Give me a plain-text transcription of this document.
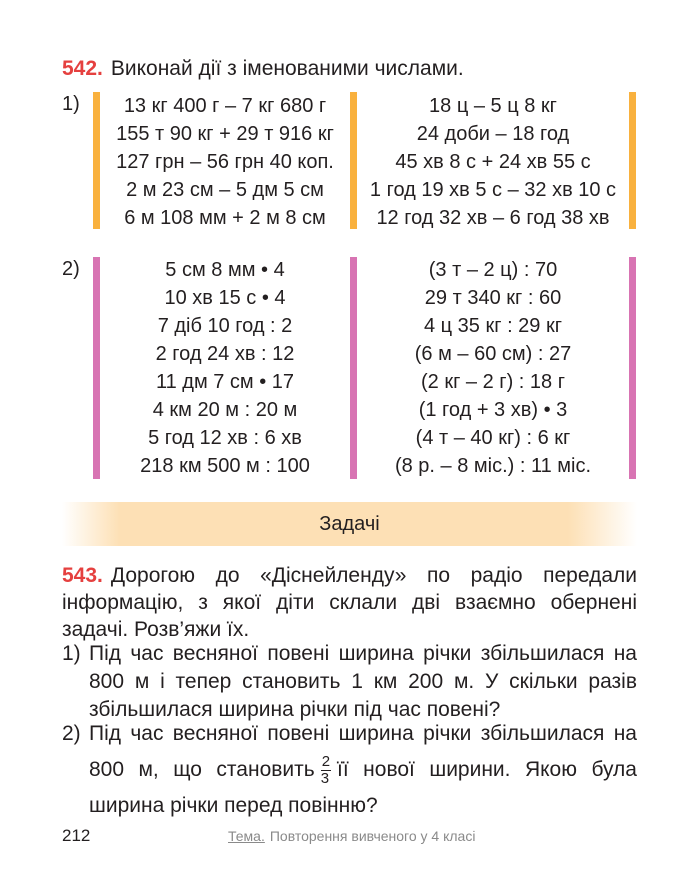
542. Виконай дії з іменованими числами.
1)	13 кг 400 г – 7 кг 680 г
155 т 90 кг + 29 т 916 кг
127 грн – 56 грн 40 коп.
2 м 23 см – 5 дм 5 см
6 м 108 мм + 2 м 8 см
18 ц – 5 ц 8 кг
24 доби – 18 год
45 хв 8 с + 24 хв 55 с
1 год 19 хв 5 с – 32 хв 10 с
12 год 32 хв – 6 год 38 хв
2)	5 см 8 мм • 4
10 хв 15 с • 4
7 діб 10 год : 2
2 год 24 хв : 12
11 дм 7 см • 17
4 км 20 м : 20 м
5 год 12 хв : 6 хв
218 км 500 м : 100
(3 т – 2 ц) : 70
29 т 340 кг : 60
4 ц 35 кг : 29 кг
(6 м – 60 см) : 27
(2 кг – 2 г) : 18 г
(1 год + 3 хв) • 3
(4 т – 40 кг) : 6 кг
(8 р. – 8 міс.) : 11 міс.
Задачі
543. Дорогою до «Діснейленду» по радіо передали інформацію, з якої діти склали дві взаємно обернені задачі. Розв’яжи їх.
1) Під час весняної повені ширина річки збільшилася на 800 м і тепер становить 1 км 200 м. У скільки разів збільшилася ширина річки під час повені?
2) Під час весняної повені ширина річки збільшилася на 800 м, що становить $\frac{2}{3}$ її нової ширини. Якою була ширина річки перед повінню?
212	Тема. Повторення вивченого у 4 класі
